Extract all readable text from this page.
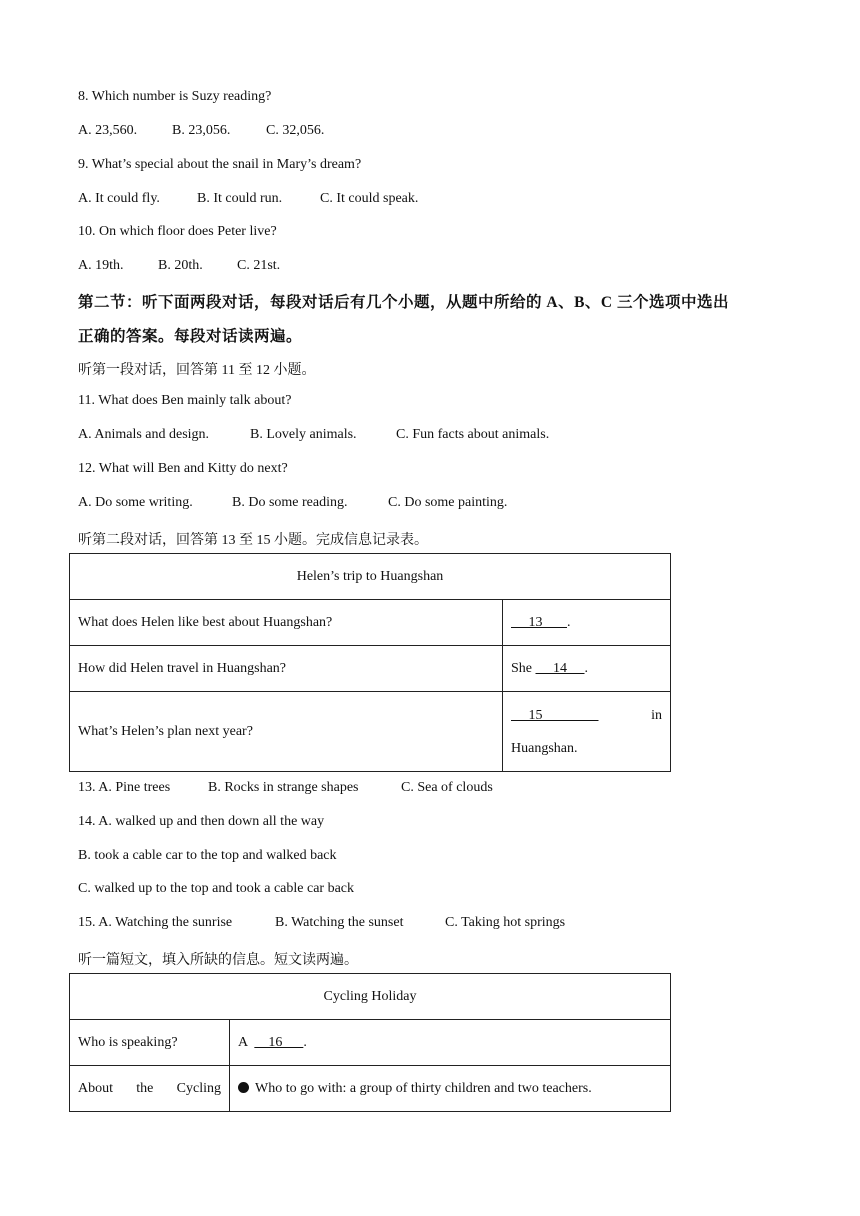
8. Which number is Suzy reading?
A. 23,560. B. 23,056.	C. 32,056.
9. What’s special about the snail in Mary’s dream?
A. It could fly.	B. It could run.	C. It could speak.
10. On which floor does Peter live?
A. 19th. B. 20th. C. 21st.
第二节：听下面两段对话，每段对话后有几个小题，从题中所给的 A、B、C 三个选项中选出
正确的答案。每段对话读两遍。
听第一段对话，回答第 11 至 12 小题。
11. What does Ben mainly talk about?
A. Animals and design.	B. Lovely animals.	C. Fun facts about animals.
12. What will Ben and Kitty do next?
A. Do some writing.	B. Do some reading.	C. Do some painting.
听第二段对话，回答第 13 至 15 小题。完成信息记录表。
Helen’s trip to Huangshan	
What does Helen like best about Huangshan?	13       .
How did Helen travel in Huangshan?	She      14     .
What’s Helen’s plan next year?	15 in
Huangshan.
13. A. Pine trees	B. Rocks in strange shapes	C. Sea of clouds
14. A. walked up and then down all the way
B. took a cable car to the top and walked back
C. walked up to the top and took a cable car back
15. A. Watching the sunrise	B. Watching the sunset	C. Taking hot springs
听一篇短文，填入所缺的信息。短文读两遍。
Cycling Holiday	
Who is speaking?	A      16      .

About the Cycling	Who to go with: a group of thirty children and two teachers.
